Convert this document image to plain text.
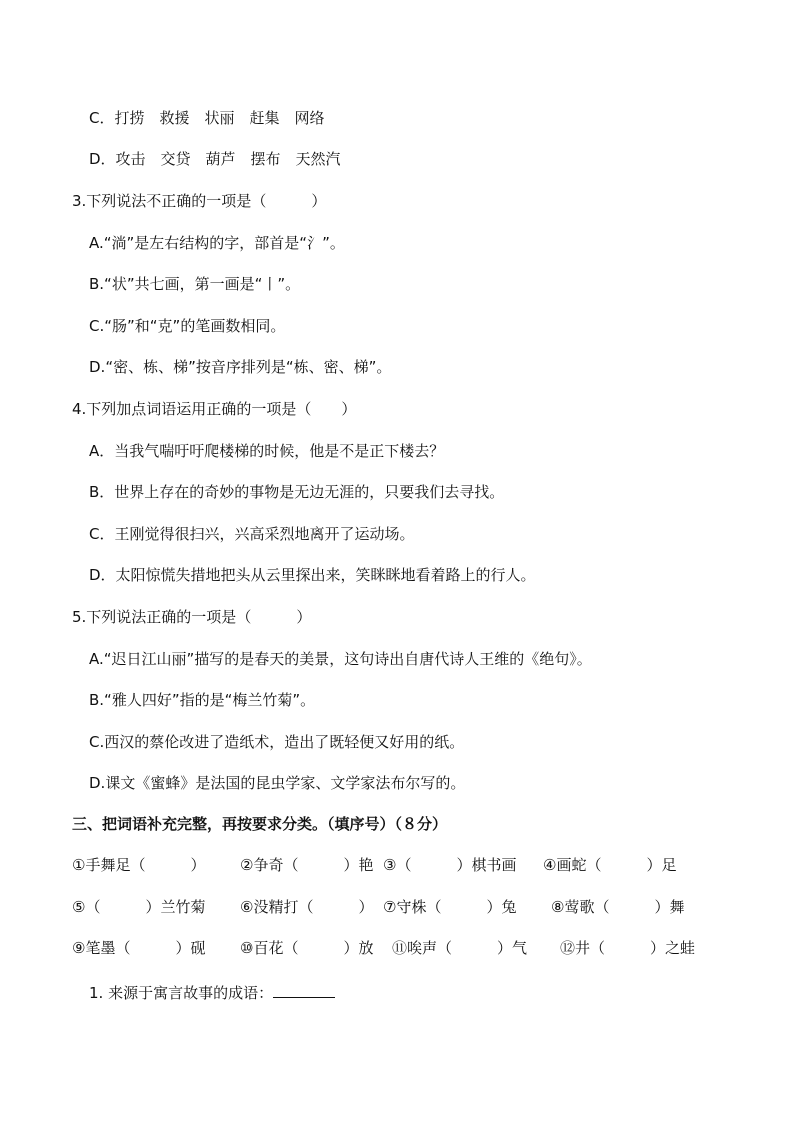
C．打捞　救援　状丽　赶集　网络
D．攻击　交贷　葫芦　摆布　天然汽
3.下列说法不正确的一项是（　　　）
A.“淌”是左右结构的字，部首是“氵”。
B.“状”共七画，第一画是“丨”。
C.“肠”和“克”的笔画数相同。
D.“密、栋、梯”按音序排列是“栋、密、梯”。
4.下列加点词语运用正确的一项是（　　）
A．当我气喘吁吁爬楼梯的时候，他是不是正下楼去？
B．世界上存在的奇妙的事物是无边无涯的，只要我们去寻找。
C．王刚觉得很扫兴，兴高采烈地离开了运动场。
D．太阳惊慌失措地把头从云里探出来，笑眯眯地看着路上的行人。
5.下列说法正确的一项是（　　　）
A.“迟日江山丽”描写的是春天的美景，这句诗出自唐代诗人王维的《绝句》。
B.“雅人四好”指的是“梅兰竹菊”。
C.西汉的蔡伦改进了造纸术，造出了既轻便又好用的纸。
D.课文《蜜蜂》是法国的昆虫学家、文学家法布尔写的。
三、把词语补充完整，再按要求分类。（填序号）（８分）
①手舞足（　　　） ②争奇（　　　）艳 ③（　　　）棋书画 ④画蛇（　　　）足
⑤（　　　）兰竹菊 ⑥没精打（　　　） ⑦守株（　　　）兔 ⑧莺歌（　　　）舞
⑨笔墨（　　　）砚 ⑩百花（　　　）放 ⑪唉声（　　　）气 ⑫井（　　　）之蛙
1. 来源于寓言故事的成语：
